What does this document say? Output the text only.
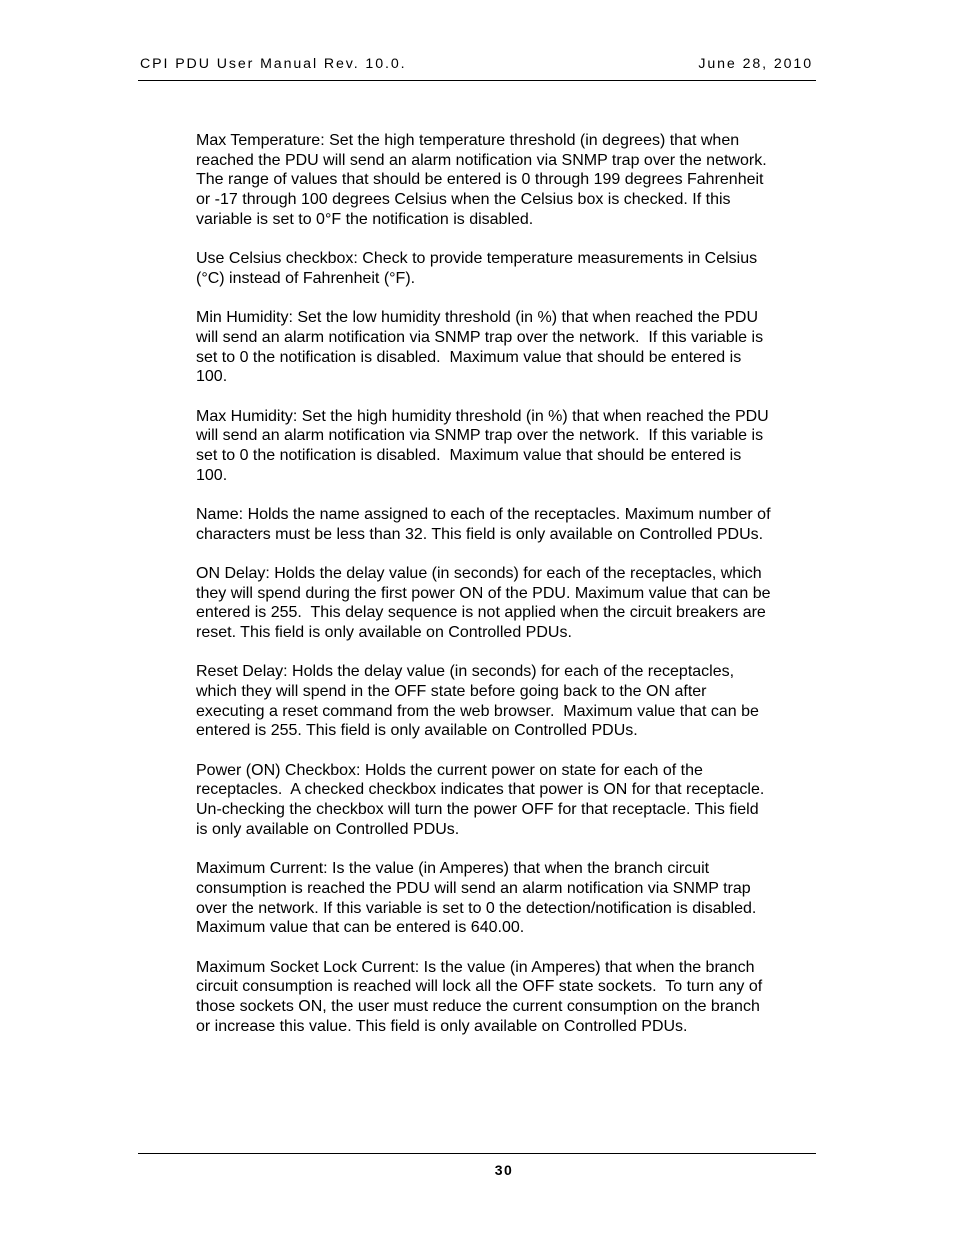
CPI PDU User Manual Rev. 10.0.	June 28, 2010

Max Temperature: Set the high temperature threshold (in degrees) that when
reached the PDU will send an alarm notification via SNMP trap over the network.
The range of values that should be entered is 0 through 199 degrees Fahrenheit
or -17 through 100 degrees Celsius when the Celsius box is checked. If this
variable is set to 0°F the notification is disabled.

Use Celsius checkbox: Check to provide temperature measurements in Celsius
(°C) instead of Fahrenheit (°F).

Min Humidity: Set the low humidity threshold (in %) that when reached the PDU
will send an alarm notification via SNMP trap over the network.  If this variable is
set to 0 the notification is disabled.  Maximum value that should be entered is
100.

Max Humidity: Set the high humidity threshold (in %) that when reached the PDU
will send an alarm notification via SNMP trap over the network.  If this variable is
set to 0 the notification is disabled.  Maximum value that should be entered is
100.

Name: Holds the name assigned to each of the receptacles. Maximum number of
characters must be less than 32. This field is only available on Controlled PDUs.

ON Delay: Holds the delay value (in seconds) for each of the receptacles, which
they will spend during the first power ON of the PDU. Maximum value that can be
entered is 255.  This delay sequence is not applied when the circuit breakers are
reset. This field is only available on Controlled PDUs.

Reset Delay: Holds the delay value (in seconds) for each of the receptacles,
which they will spend in the OFF state before going back to the ON after
executing a reset command from the web browser.  Maximum value that can be
entered is 255. This field is only available on Controlled PDUs.

Power (ON) Checkbox: Holds the current power on state for each of the
receptacles.  A checked checkbox indicates that power is ON for that receptacle.
Un-checking the checkbox will turn the power OFF for that receptacle. This field
is only available on Controlled PDUs.

Maximum Current: Is the value (in Amperes) that when the branch circuit
consumption is reached the PDU will send an alarm notification via SNMP trap
over the network. If this variable is set to 0 the detection/notification is disabled.
Maximum value that can be entered is 640.00.

Maximum Socket Lock Current: Is the value (in Amperes) that when the branch
circuit consumption is reached will lock all the OFF state sockets.  To turn any of
those sockets ON, the user must reduce the current consumption on the branch
or increase this value. This field is only available on Controlled PDUs.

30
